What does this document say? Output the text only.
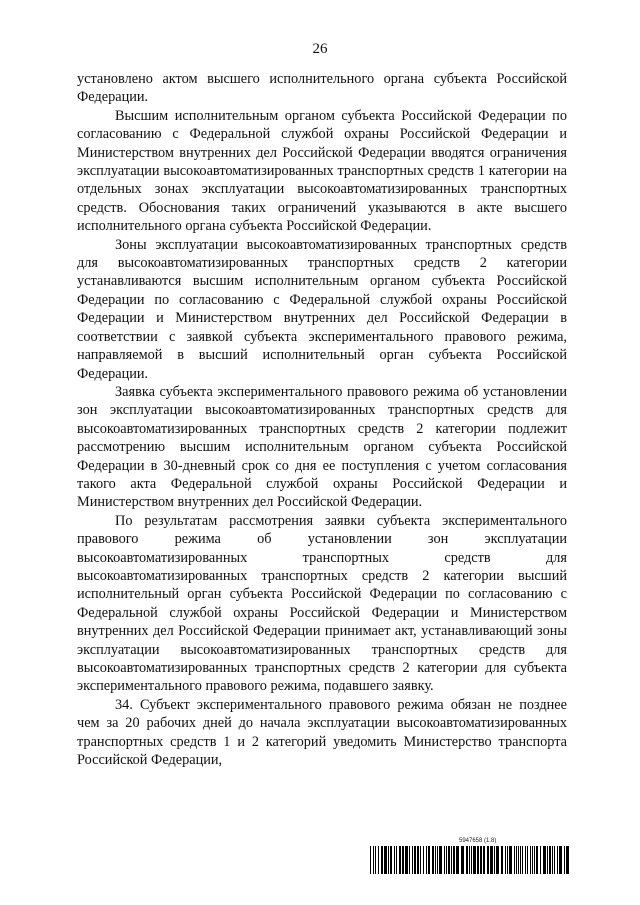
26

установлено актом высшего исполнительного органа субъекта Российской Федерации.

Высшим исполнительным органом субъекта Российской Федерации по согласованию с Федеральной службой охраны Российской Федерации и Министерством внутренних дел Российской Федерации вводятся ограничения эксплуатации высокоавтоматизированных транспортных средств 1 категории на отдельных зонах эксплуатации высокоавтоматизированных транспортных средств. Обоснования таких ограничений указываются в акте высшего исполнительного органа субъекта Российской Федерации.

Зоны эксплуатации высокоавтоматизированных транспортных средств для высокоавтоматизированных транспортных средств 2 категории устанавливаются высшим исполнительным органом субъекта Российской Федерации по согласованию с Федеральной службой охраны Российской Федерации и Министерством внутренних дел Российской Федерации в соответствии с заявкой субъекта экспериментального правового режима, направляемой в высший исполнительный орган субъекта Российской Федерации.

Заявка субъекта экспериментального правового режима об установлении зон эксплуатации высокоавтоматизированных транспортных средств для высокоавтоматизированных транспортных средств 2 категории подлежит рассмотрению высшим исполнительным органом субъекта Российской Федерации в 30-дневный срок со дня ее поступления с учетом согласования такого акта Федеральной службой охраны Российской Федерации и Министерством внутренних дел Российской Федерации.

По результатам рассмотрения заявки субъекта экспериментального правового режима об установлении зон эксплуатации высокоавтоматизированных транспортных средств для высокоавтоматизированных транспортных средств 2 категории высший исполнительный орган субъекта Российской Федерации по согласованию с Федеральной службой охраны Российской Федерации и Министерством внутренних дел Российской Федерации принимает акт, устанавливающий зоны эксплуатации высокоавтоматизированных транспортных средств для высокоавтоматизированных транспортных средств 2 категории для субъекта экспериментального правового режима, подавшего заявку.

34. Субъект экспериментального правового режима обязан не позднее чем за 20 рабочих дней до начала эксплуатации высокоавтоматизированных транспортных средств 1 и 2 категорий уведомить Министерство транспорта Российской Федерации,

5947658 (1.8)
